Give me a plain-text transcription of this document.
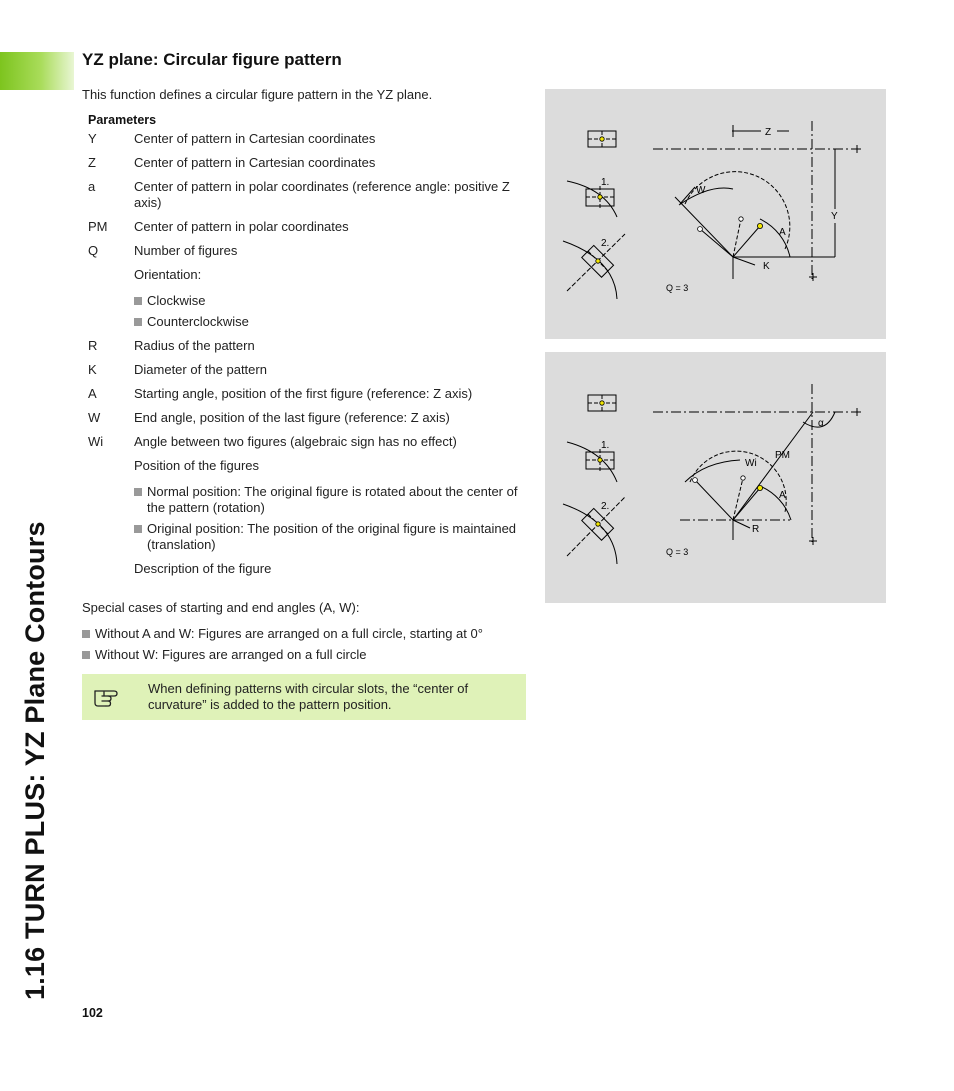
1.16 TURN PLUS: YZ Plane Contours
YZ plane: Circular figure pattern
This function defines a circular figure pattern in the YZ plane.
Parameters
Y	Center of pattern in Cartesian coordinates
Z	Center of pattern in Cartesian coordinates
a	Center of pattern in polar coordinates (reference angle: positive Z axis)
PM Center of pattern in polar coordinates
Q	Number of figures
Orientation:
Clockwise
Counterclockwise
R	Radius of the pattern
K	Diameter of the pattern
A	Starting angle, position of the first figure (reference: Z axis)
W	End angle, position of the last figure (reference: Z axis)
Wi Angle between two figures (algebraic sign has no effect)
Position of the figures
Normal position: The original figure is rotated about the center of the pattern (rotation)
Original position: The position of the original figure is maintained (translation)
Description of the figure
Special cases of starting and end angles (A, W):
Without A and W: Figures are arranged on a full circle, starting at 0°
Without W: Figures are arranged on a full circle
When defining patterns with circular slots, the “center of curvature” is added to the pattern position.
102
Z
Y
W
A
K
1.
2.
Q = 3
α
PM
Wi
A
R
1.
2.
Q = 3
